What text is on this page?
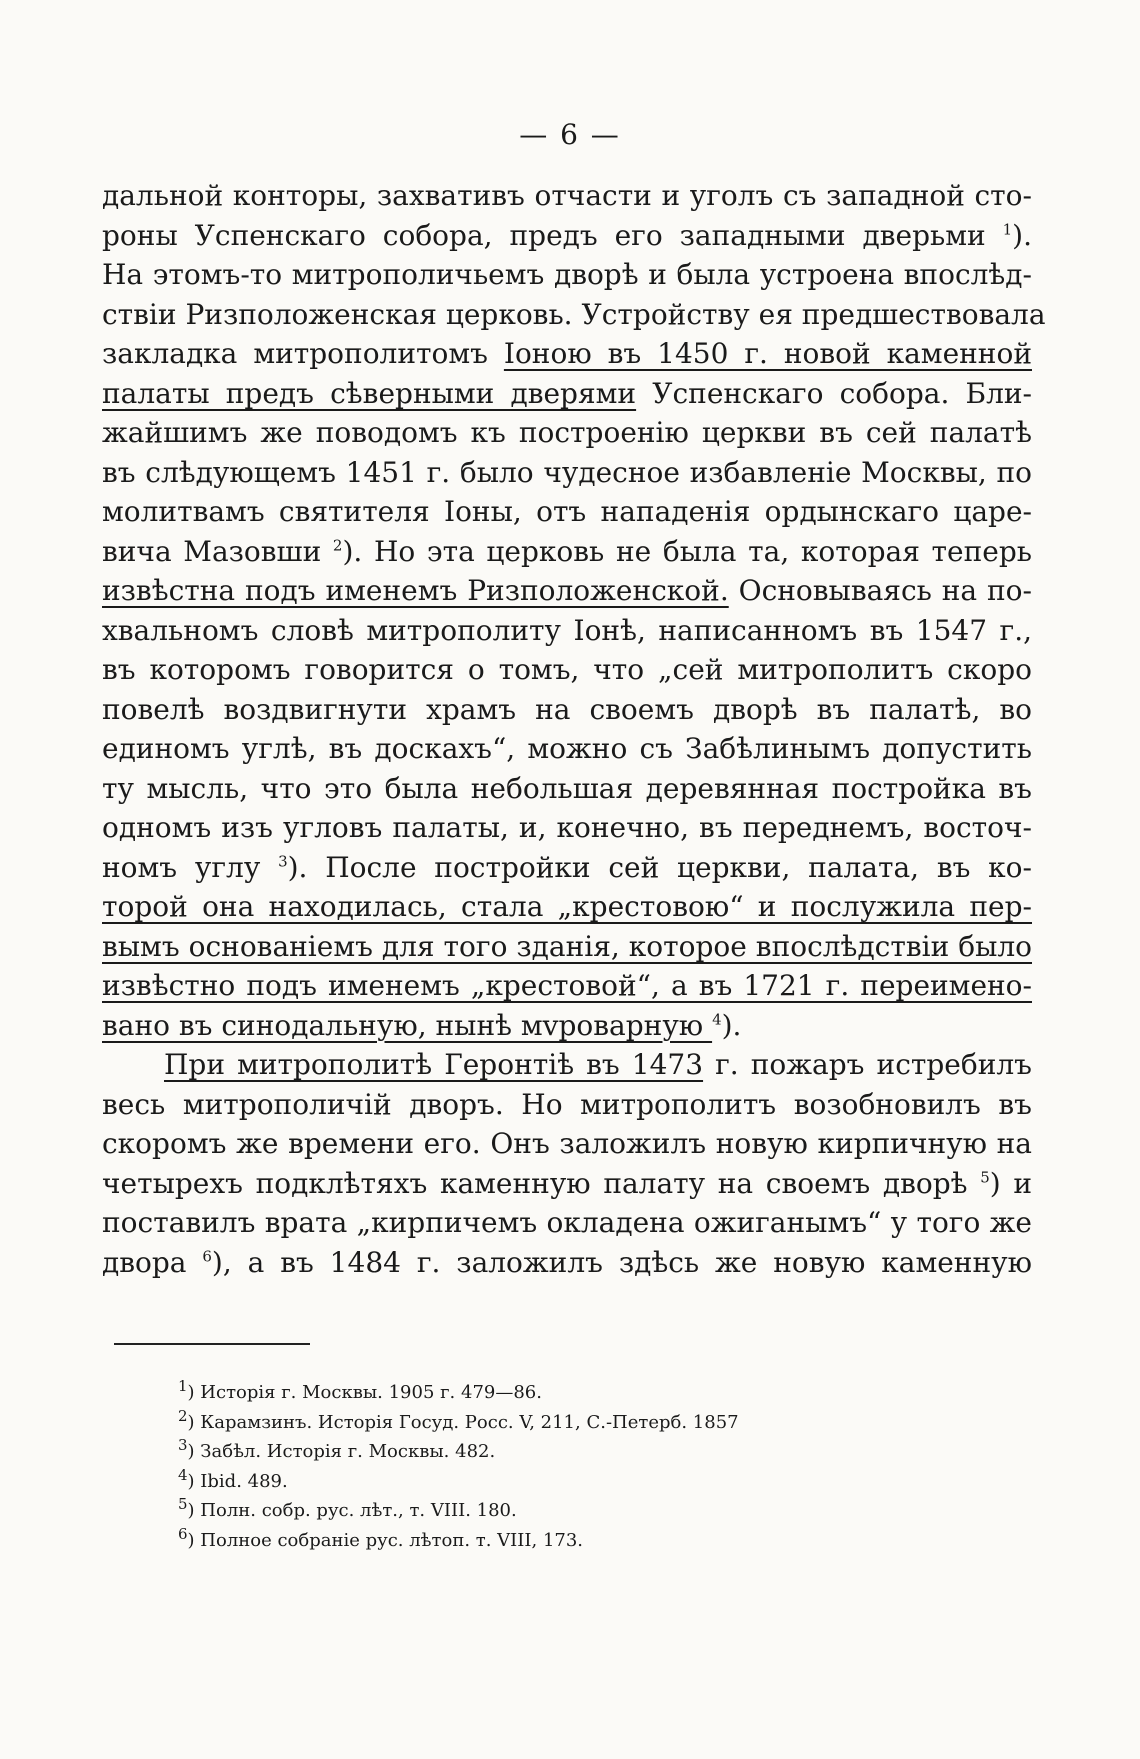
— 6 —
дальной конторы, захвативъ отчасти и уголъ съ западной сто-
роны Успенскаго собора, предъ его западными дверьми $^1$).
На этомъ-то митрополичьемъ дворѣ и была устроена впослѣд-
ствіи Ризположенская церковь. Устройству ея предшествовала
закладка митрополитомъ Іоною въ 1450 г. новой каменной
палаты предъ сѣверными дверями Успенскаго собора. Бли-
жайшимъ же поводомъ къ построенію церкви въ сей палатѣ
въ слѣдующемъ 1451 г. было чудесное избавленіе Москвы, по
молитвамъ святителя Іоны, отъ нападенія ордынскаго царе-
вича Мазовши $^2$). Но эта церковь не была та, которая теперь
извѣстна подъ именемъ Ризположенской. Основываясь на по-
хвальномъ словѣ митрополиту Іонѣ, написанномъ въ 1547 г.,
въ которомъ говорится о томъ, что „сей митрополитъ скоро
повелѣ воздвигнути храмъ на своемъ дворѣ въ палатѣ, во
единомъ углѣ, въ доскахъ“, можно съ Забѣлинымъ допустить
ту мысль, что это была небольшая деревянная постройка въ
одномъ изъ угловъ палаты, и, конечно, въ переднемъ, восточ-
номъ углу $^3$). После постройки сей церкви, палата, въ ко-
торой она находилась, стала „крестовою“ и послужила пер-
вымъ основаніемъ для того зданія, которое впослѣдствіи было
извѣстно подъ именемъ „крестовой“, а въ 1721 г. переимено-
вано въ синодальную, нынѣ мvроварную $^4$).
При митрополитѣ Геронтіѣ въ 1473 г. пожаръ истребилъ
весь митрополичій дворъ. Но митрополитъ возобновилъ въ
скоромъ же времени его. Онъ заложилъ новую кирпичную на
четырехъ подклѣтяхъ каменную палату на своемъ дворѣ $^5$) и
поставилъ врата „кирпичемъ окладена ожиганымъ“ у того же
двора $^6$), а въ 1484 г. заложилъ здѣсь же новую каменную
$^1$) Исторія г. Москвы. 1905 г. 479—86.
$^2$) Карамзинъ. Исторія Госуд. Росс. V, 211, С.-Петерб. 1857
$^3$) Забѣл. Исторія г. Москвы. 482.
$^4$) Ibid. 489.
$^5$) Полн. собр. рус. лѣт., т. VIII. 180.
$^6$) Полное собраніе рус. лѣтоп. т. VIII, 173.
